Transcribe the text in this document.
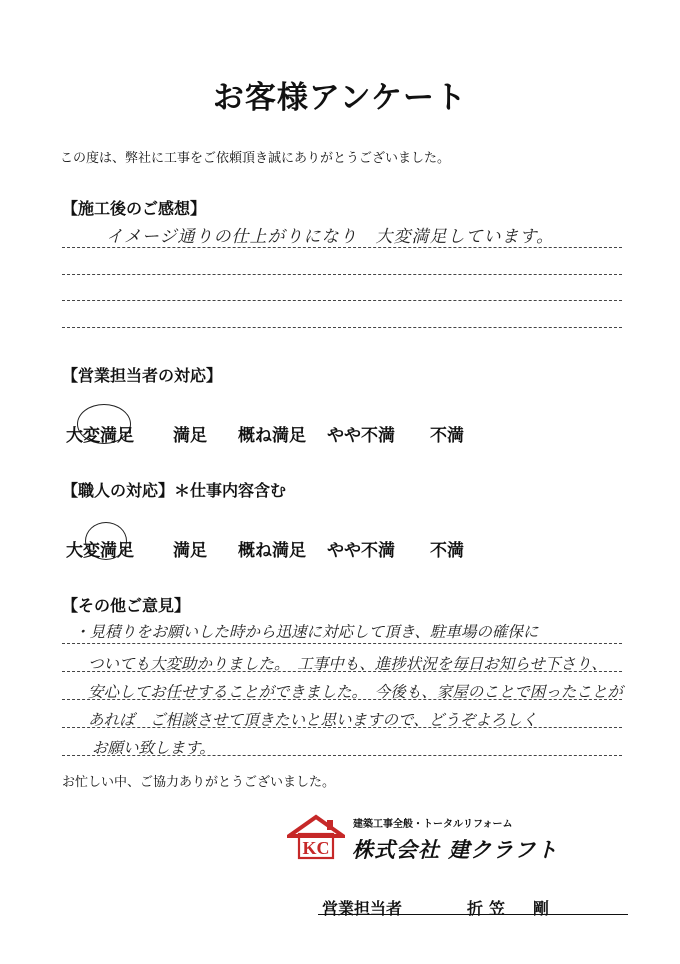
お客様アンケート
この度は、弊社に工事をご依頼頂き誠にありがとうございました。
【施工後のご感想】
イメージ通りの仕上がりになり　大変満足しています。
【営業担当者の対応】
大変満足 満足 概ね満足 やや不満 不満
【職人の対応】＊仕事内容含む
大変満足 満足 概ね満足 やや不満 不満
【その他ご意見】
・見積りをお願いした時から迅速に対応して頂き、駐車場の確保に
ついても大変助かりました。　工事中も、進捗状況を毎日お知らせ下さり、
安心してお任せすることができました。　今後も、家屋のことで困ったことが
あれば　ご相談させて頂きたいと思いますので、どうぞよろしく
お願い致します。
お忙しい中、ご協力ありがとうございました。
KC
建築工事全般・トータルリフォーム
株式会社 建クラフト
営業担当者	折笠　剛
